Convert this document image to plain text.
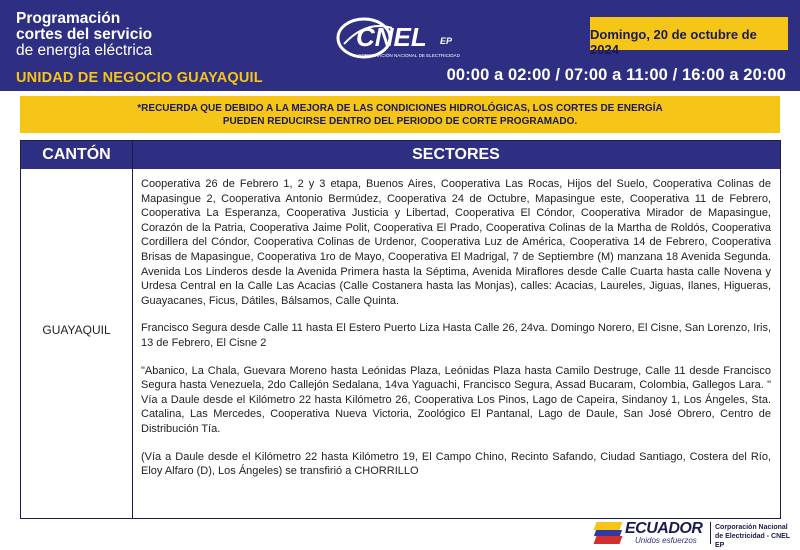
Programación
cortes del servicio
de energía eléctrica
UNIDAD DE NEGOCIO GUAYAQUIL
CNEL EP
CORPORACIÓN NACIONAL DE ELECTRICIDAD
Domingo, 20 de octubre de 2024
00:00 a 02:00 / 07:00 a 11:00 / 16:00 a 20:00
*RECUERDA QUE DEBIDO A LA MEJORA DE LAS CONDICIONES HIDROLÓGICAS, LOS CORTES DE ENERGÍA
PUEDEN REDUCIRSE DENTRO DEL PERIODO DE CORTE PROGRAMADO.
CANTÓN	SECTORES
GUAYAQUIL

Cooperativa 26 de Febrero 1, 2 y 3 etapa, Buenos Aires, Cooperativa Las Rocas, Hijos del Suelo, Cooperativa Colinas de Mapasingue 2, Cooperativa Antonio Bermúdez, Cooperativa 24 de Octubre, Mapasingue este, Cooperativa 11 de Febrero, Cooperativa La Esperanza, Cooperativa Justicia y Libertad, Cooperativa El Cóndor, Cooperativa Mirador de Mapasingue, Corazón de la Patria, Cooperativa Jaime Polit, Cooperativa El Prado, Cooperativa Colinas de la Martha de Roldós, Cooperativa Cordillera del Cóndor, Cooperativa Colinas de Urdenor, Cooperativa Luz de América, Cooperativa 14 de Febrero, Cooperativa Brisas de Mapasingue, Cooperativa 1ro de Mayo, Cooperativa El Madrigal, 7 de Septiembre (M) manzana 18 Avenida Segunda. Avenida Los Linderos desde la Avenida Primera hasta la Séptima, Avenida Miraflores desde Calle Cuarta hasta calle Novena y Urdesa Central en la Calle Las Acacias (Calle Costanera hasta las Monjas), calles: Acacias, Laureles, Jiguas, Ilanes, Higueras, Guayacanes, Ficus, Dátiles, Bálsamos, Calle Quinta.

Francisco Segura desde Calle 11 hasta El Estero Puerto Liza Hasta Calle 26, 24va. Domingo Norero, El Cisne, San Lorenzo, Iris, 13 de Febrero, El Cisne 2

"Abanico, La Chala, Guevara Moreno hasta Leónidas Plaza, Leónidas Plaza hasta Camilo Destruge, Calle 11 desde Francisco Segura hasta Venezuela, 2do Callejón Sedalana, 14va Yaguachi, Francisco Segura, Assad Bucaram, Colombia, Gallegos Lara. " Vía a Daule desde el Kilómetro 22 hasta Kilómetro 26, Cooperativa Los Pinos, Lago de Capeira, Sindanoy 1, Los Ángeles, Sta. Catalina, Las Mercedes, Cooperativa Nueva Victoria, Zoológico El Pantanal, Lago de Daule, San José Obrero, Centro de Distribución Tía.

(Vía a Daule desde el Kilómetro 22 hasta Kilómetro 19, El Campo Chino, Recinto Safando, Ciudad Santiago, Costera del Río, Eloy Alfaro (D), Los Ángeles) se transfirió a CHORRILLO

ECUADOR
Unidos esfuerzos
Corporación Nacional
de Electricidad - CNEL EP
